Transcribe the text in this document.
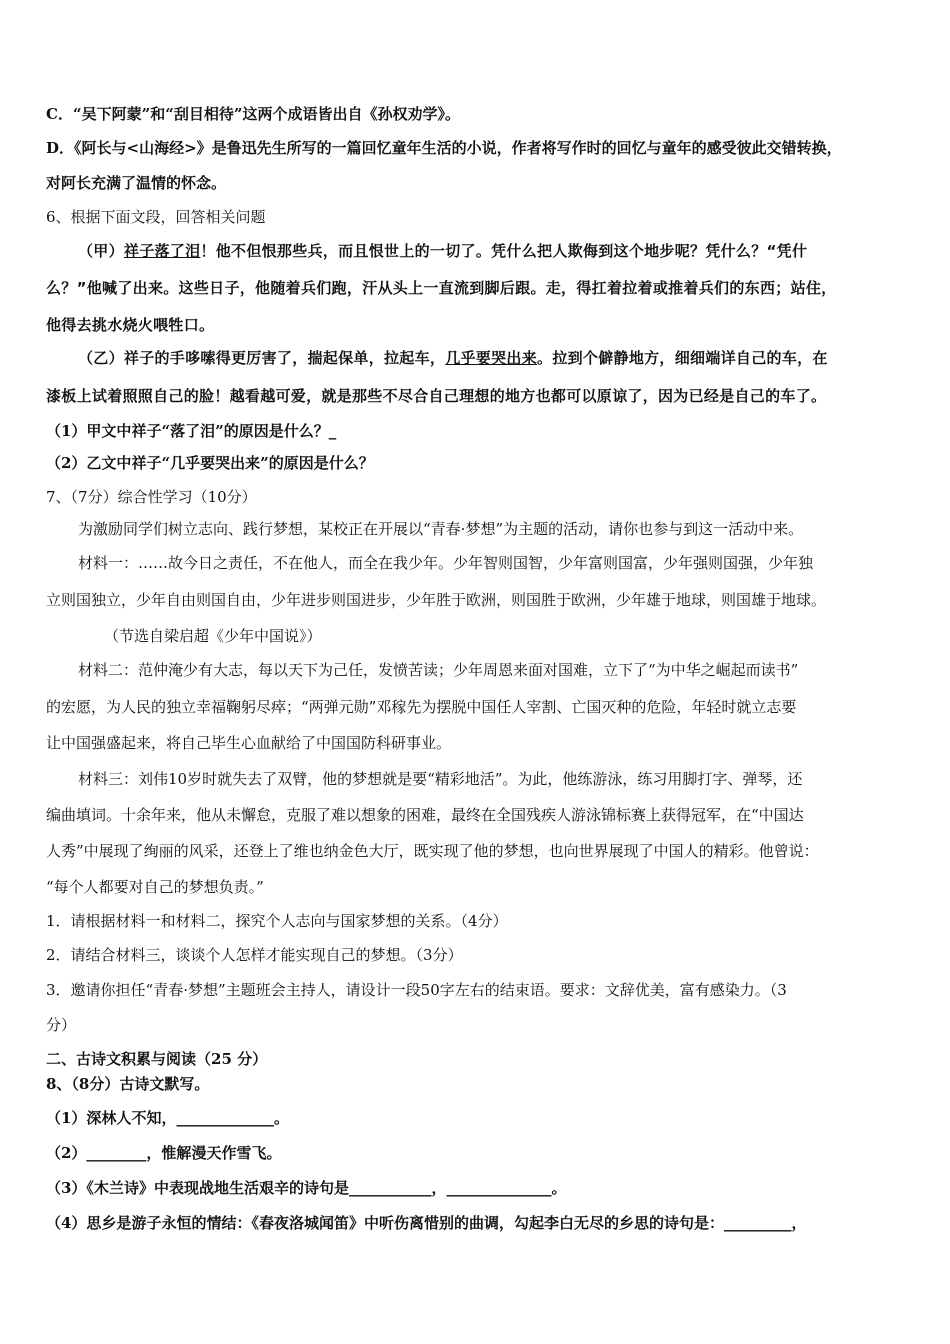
C．“吴下阿蒙”和“刮目相待”这两个成语皆出自《孙权劝学》。
D．《阿长与<山海经>》是鲁迅先生所写的一篇回忆童年生活的小说，作者将写作时的回忆与童年的感受彼此交错转换，
对阿长充满了温情的怀念。
6、根据下面文段，回答相关问题
（甲）祥子落了泪！他不但恨那些兵，而且恨世上的一切了。凭什么把人欺侮到这个地步呢？凭什么？“凭什
么？”他喊了出来。这些日子，他随着兵们跑，汗从头上一直流到脚后跟。走，得扛着拉着或推着兵们的东西；站住，
他得去挑水烧火喂牲口。
（乙）祥子的手哆嗦得更厉害了，揣起保单，拉起车，几乎要哭出来。拉到个僻静地方，细细端详自己的车，在
漆板上试着照照自己的脸！越看越可爱，就是那些不尽合自己理想的地方也都可以原谅了，因为已经是自己的车了。
（1）甲文中祥子“落了泪”的原因是什么？_
（2）乙文中祥子“几乎要哭出来”的原因是什么？
7、（7分）综合性学习（10分）
为激励同学们树立志向、践行梦想，某校正在开展以“青春·梦想”为主题的活动，请你也参与到这一活动中来。
材料一：……故今日之责任，不在他人，而全在我少年。少年智则国智，少年富则国富，少年强则国强，少年独
立则国独立，少年自由则国自由，少年进步则国进步，少年胜于欧洲，则国胜于欧洲，少年雄于地球，则国雄于地球。
（节选自梁启超《少年中国说》）
材料二：范仲淹少有大志，每以天下为己任，发愤苦读；少年周恩来面对国难，立下了“为中华之崛起而读书”
的宏愿，为人民的独立幸福鞠躬尽瘁；“两弹元勋”邓稼先为摆脱中国任人宰割、亡国灭种的危险，年轻时就立志要
让中国强盛起来，将自己毕生心血献给了中国国防科研事业。
材料三：刘伟10岁时就失去了双臂，他的梦想就是要“精彩地活”。为此，他练游泳，练习用脚打字、弹琴，还
编曲填词。十余年来，他从未懈怠，克服了难以想象的困难，最终在全国残疾人游泳锦标赛上获得冠军，在“中国达
人秀”中展现了绚丽的风采，还登上了维也纳金色大厅，既实现了他的梦想，也向世界展现了中国人的精彩。他曾说：
“每个人都要对自己的梦想负责。”
1．请根据材料一和材料二，探究个人志向与国家梦想的关系。（4分）
2．请结合材料三，谈谈个人怎样才能实现自己的梦想。（3分）
3．邀请你担任“青春·梦想”主题班会主持人，请设计一段50字左右的结束语。要求：文辞优美，富有感染力。（3
分）
二、古诗文积累与阅读（25 分）
8、（8分）古诗文默写。
（1）深林人不知，_____________。
（2）________，惟解漫天作雪飞。
（3）《木兰诗》中表现战地生活艰辛的诗句是___________，______________。
（4）思乡是游子永恒的情结：《春夜洛城闻笛》中听伤离惜别的曲调，勾起李白无尽的乡思的诗句是：_________，
